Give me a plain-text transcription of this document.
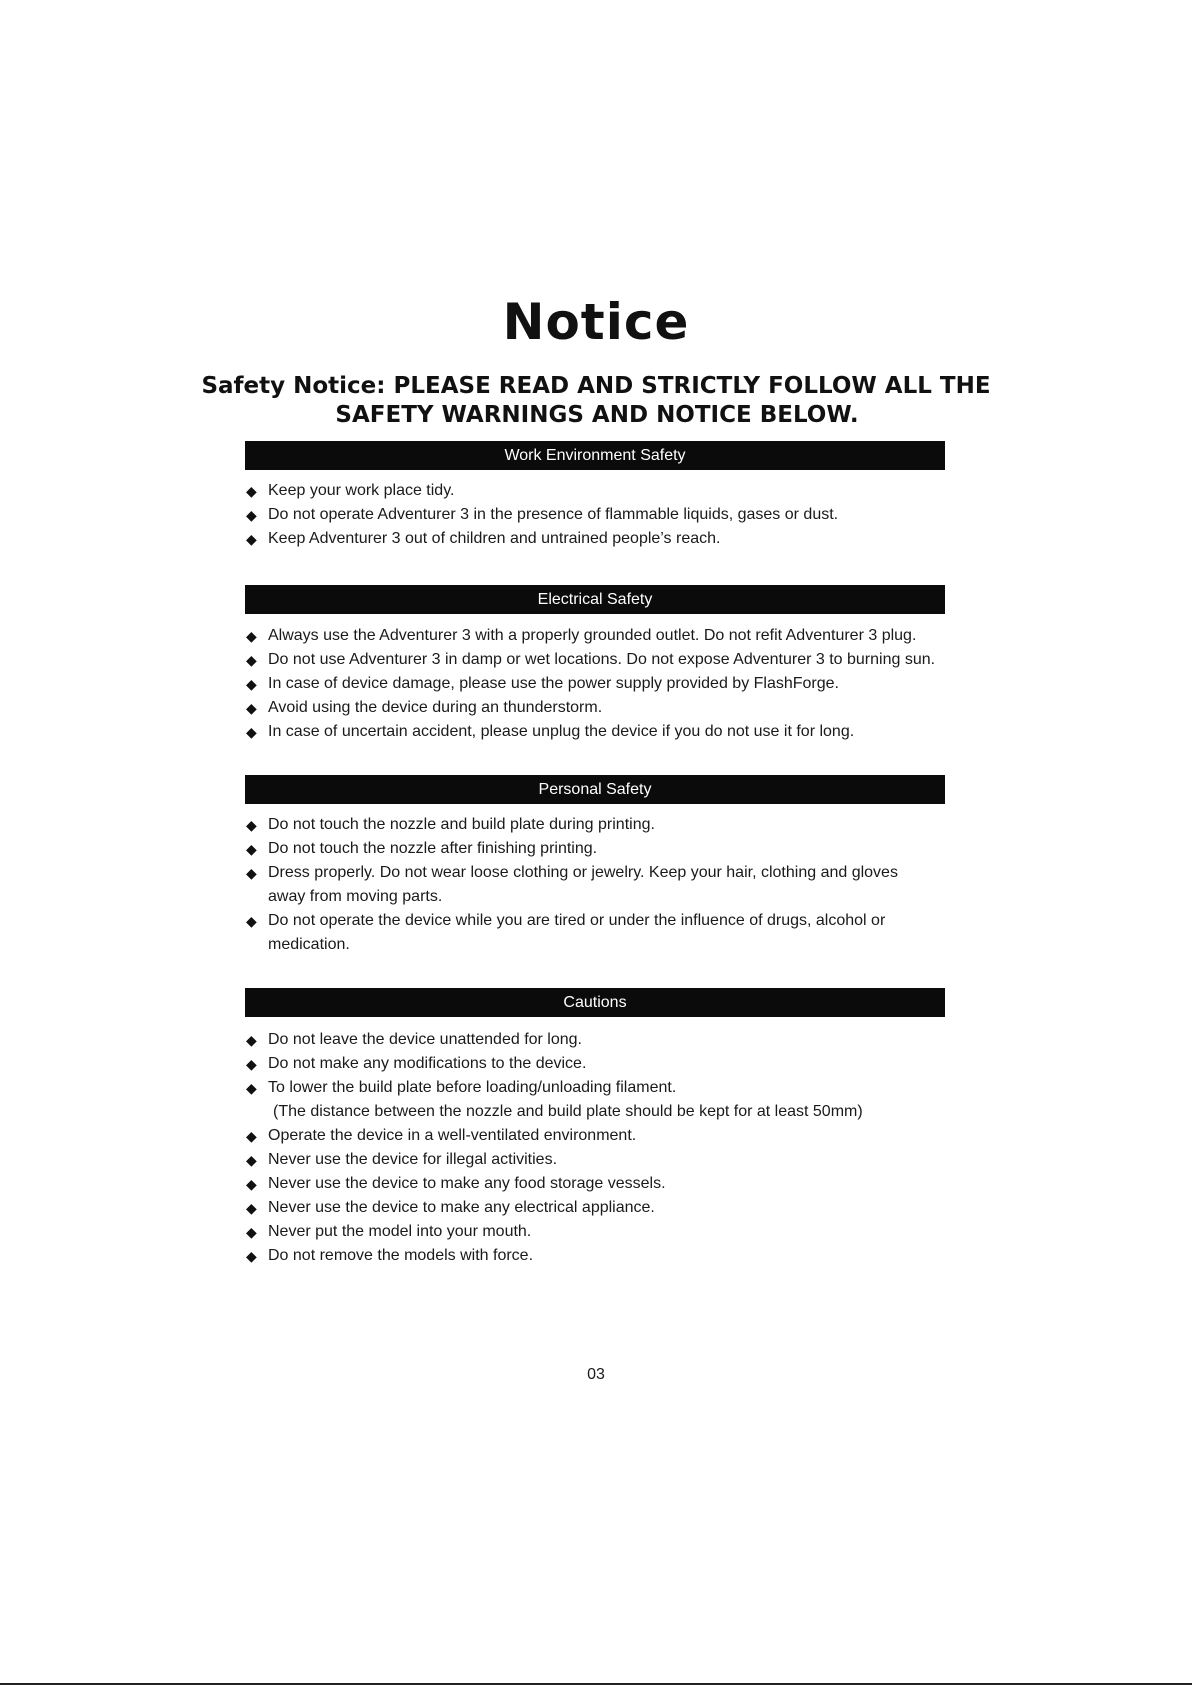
Notice
Safety Notice: PLEASE READ AND STRICTLY FOLLOW ALL THE
SAFETY WARNINGS AND NOTICE BELOW.
Work Environment Safety
◆ Keep your work place tidy.
◆ Do not operate Adventurer 3 in the presence of flammable liquids, gases or dust.
◆ Keep Adventurer 3 out of children and untrained people’s reach.
Electrical Safety
◆ Always use the Adventurer 3 with a properly grounded outlet. Do not refit Adventurer 3 plug.
◆ Do not use Adventurer 3 in damp or wet locations. Do not expose Adventurer 3 to burning sun.
◆ In case of device damage, please use the power supply provided by FlashForge.
◆ Avoid using the device during an thunderstorm.
◆ In case of uncertain accident, please unplug the device if you do not use it for long.
Personal Safety
◆ Do not touch the nozzle and build plate during printing.
◆ Do not touch the nozzle after finishing printing.
◆ Dress properly. Do not wear loose clothing or jewelry. Keep your hair, clothing and gloves away from moving parts.
◆ Do not operate the device while you are tired or under the influence of drugs, alcohol or medication.
Cautions
◆ Do not leave the device unattended for long.
◆ Do not make any modifications to the device.
◆ To lower the build plate before loading/unloading filament.
(The distance between the nozzle and build plate should be kept for at least 50mm)
◆ Operate the device in a well-ventilated environment.
◆ Never use the device for illegal activities.
◆ Never use the device to make any food storage vessels.
◆ Never use the device to make any electrical appliance.
◆ Never put the model into your mouth.
◆ Do not remove the models with force.
03
